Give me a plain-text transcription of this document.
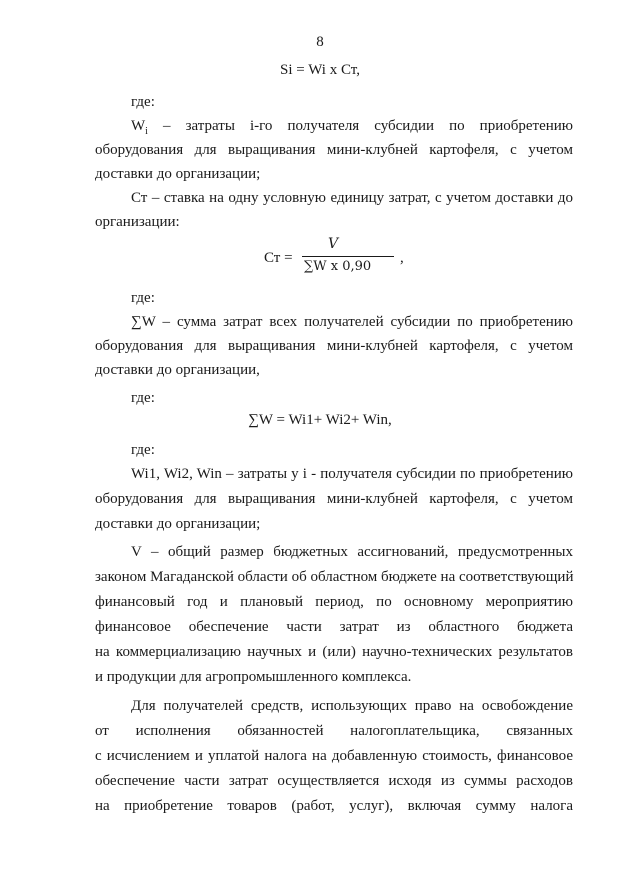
8
Si = Wi x Ст,
где:
$W_i$ – затраты i-го получателя субсидии по приобретению
оборудования для выращивания мини-клубней картофеля, с учетом
доставки до организации;
Ст – ставка на одну условную единицу затрат, с учетом доставки до
организации:
Ст =
V
∑W x 0,90
,
где:
∑W – сумма затрат всех получателей субсидии по приобретению
оборудования для выращивания мини-клубней картофеля, с учетом
доставки до организации,
где:
∑W = Wi1+ Wi2+ Win,
где:
Wi1, Wi2, Win – затраты у i - получателя субсидии по приобретению
оборудования для выращивания мини-клубней картофеля, с учетом
доставки до организации;
V – общий размер бюджетных ассигнований, предусмотренных
законом Магаданской области об областном бюджете на соответствующий
финансовый год и плановый период, по основному мероприятию
финансовое обеспечение части затрат из областного бюджета
на коммерциализацию научных и (или) научно-технических результатов
и продукции для агропромышленного комплекса.
Для получателей средств, использующих право на освобождение
от исполнения обязанностей налогоплательщика, связанных
с исчислением и уплатой налога на добавленную стоимость, финансовое
обеспечение части затрат осуществляется исходя из суммы расходов
на приобретение товаров (работ, услуг), включая сумму налога
